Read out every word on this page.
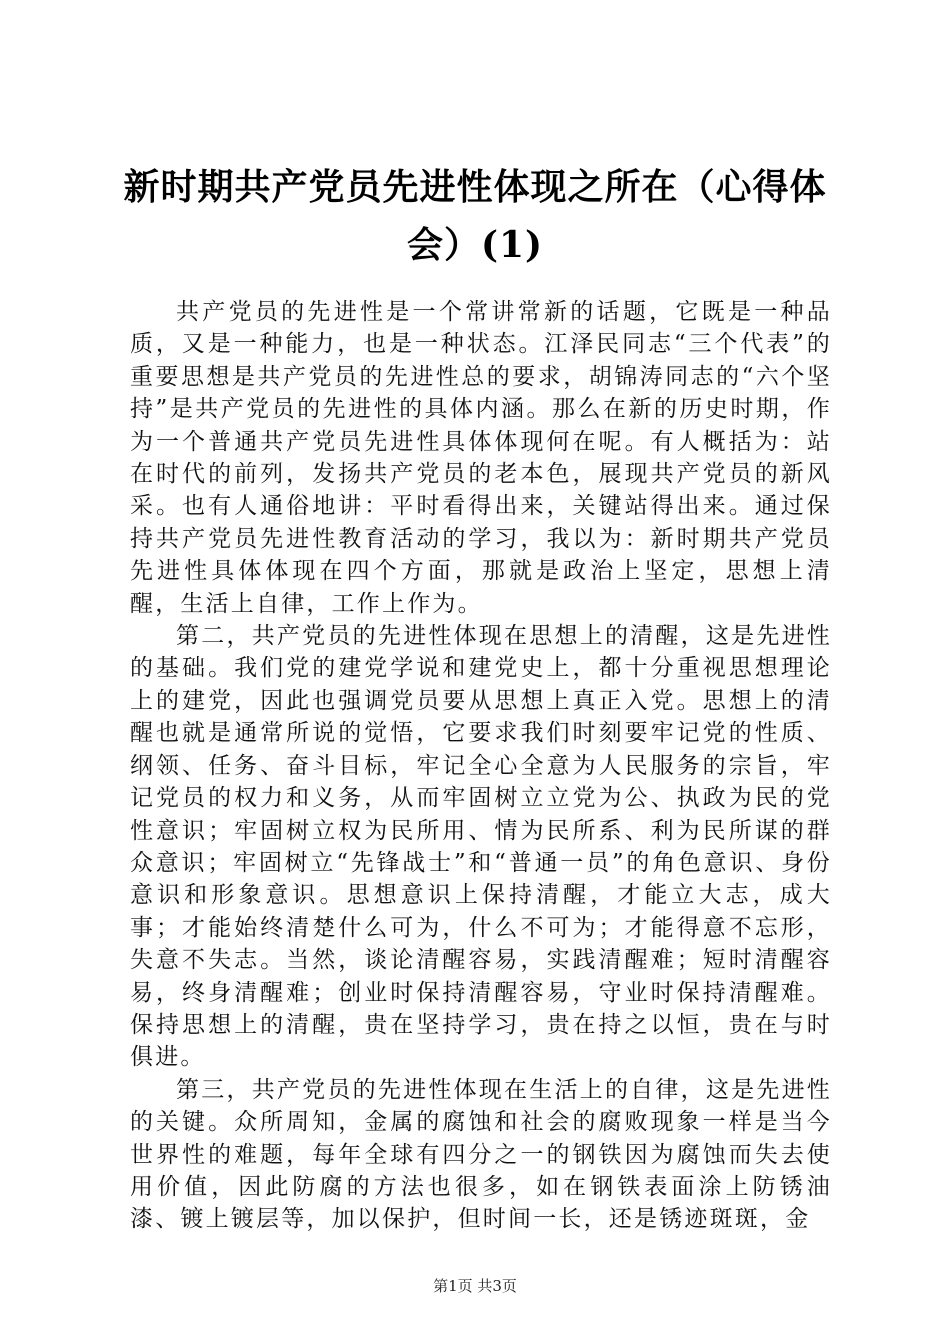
新时期共产党员先进性体现之所在（心得体会）(1)

共产党员的先进性是一个常讲常新的话题，它既是一种品质，又是一种能力，也是一种状态。江泽民同志“三个代表”的重要思想是共产党员的先进性总的要求，胡锦涛同志的“六个坚持”是共产党员的先进性的具体内涵。那么在新的历史时期，作为一个普通共产党员先进性具体体现何在呢。有人概括为：站在时代的前列，发扬共产党员的老本色，展现共产党员的新风采。也有人通俗地讲：平时看得出来，关键站得出来。通过保持共产党员先进性教育活动的学习，我以为：新时期共产党员先进性具体体现在四个方面，那就是政治上坚定，思想上清醒，生活上自律，工作上作为。

第二，共产党员的先进性体现在思想上的清醒，这是先进性的基础。我们党的建党学说和建党史上，都十分重视思想理论上的建党，因此也强调党员要从思想上真正入党。思想上的清醒也就是通常所说的觉悟，它要求我们时刻要牢记党的性质、纲领、任务、奋斗目标，牢记全心全意为人民服务的宗旨，牢记党员的权力和义务，从而牢固树立立党为公、执政为民的党性意识；牢固树立权为民所用、情为民所系、利为民所谋的群众意识；牢固树立“先锋战士”和“普通一员”的角色意识、身份意识和形象意识。思想意识上保持清醒，才能立大志，成大事；才能始终清楚什么可为，什么不可为；才能得意不忘形，失意不失志。当然，谈论清醒容易，实践清醒难；短时清醒容易，终身清醒难；创业时保持清醒容易，守业时保持清醒难。保持思想上的清醒，贵在坚持学习，贵在持之以恒，贵在与时俱进。

第三，共产党员的先进性体现在生活上的自律，这是先进性的关键。众所周知，金属的腐蚀和社会的腐败现象一样是当今世界性的难题，每年全球有四分之一的钢铁因为腐蚀而失去使用价值，因此防腐的方法也很多，如在钢铁表面涂上防锈油漆、镀上镀层等，加以保护，但时间一长，还是锈迹斑斑，金

第1页 共3页
